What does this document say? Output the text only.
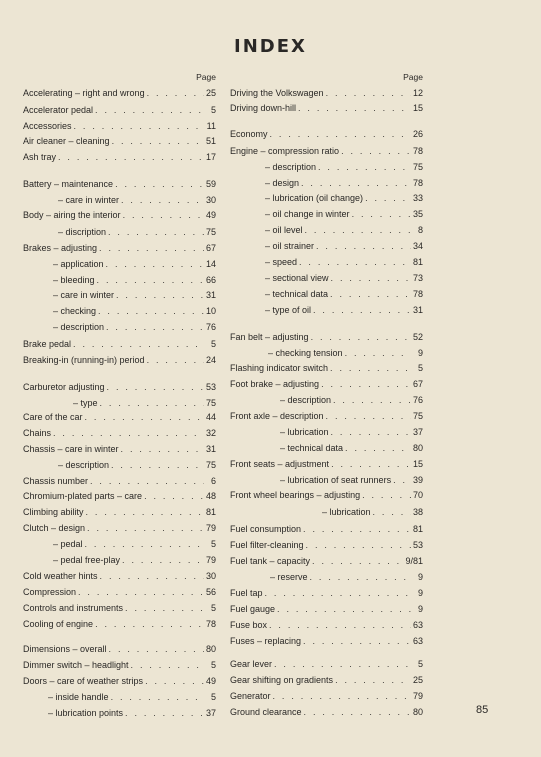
INDEX
Page
Accelerating – right and wrong . . .	25
Accelerator pedal . . .	5
Accessories . . .	11
Air cleaner – cleaning . . .	51
Ash tray . . .	17
Battery – maintenance . . .	59
– care in winter . . .	30
Body – airing the interior . . .	49
– discription . . .	75
Brakes – adjusting . . .	67
– application . . .	14
– bleeding . . .	66
– care in winter . . .	31
– checking . . .	10
– description . . .	76
Brake pedal . . .	5
Breaking-in (running-in) period . . .	24
Carburetor adjusting . . .	53
– type . . .	75
Care of the car . . .	44
Chains . . .	32
Chassis – care in winter . . .	31
– description . . .	75
Chassis number . . .	6
Chromium-plated parts – care . . .	48
Climbing ability . . .	81
Clutch – design . . .	79
– pedal . . .	5
– pedal free-play . . .	79
Cold weather hints . . .	30
Compression . . .	56
Controls and instruments . . .	5
Cooling of engine . . .	78
Dimensions – overall . . .	80
Dimmer switch – headlight . . .	5
Doors – care of weather strips . . .	49
– inside handle . . .	5
– lubrication points . . .	37
Page
Driving the Volkswagen . . .	12
Driving down-hill . . .	15
Economy . . .	26
Engine – compression ratio . . .	78
– description . . .	75
– design . . .	78
– lubrication (oil change) . . .	33
– oil change in winter . . .	35
– oil level . . .	8
– oil strainer . . .	34
– speed . . .	81
– sectional view . . .	73
– technical data . . .	78
– type of oil . . .	31
Fan belt – adjusting . . .	52
– checking tension . . .	9
Flashing indicator switch . . .	5
Foot brake – adjusting . . .	67
– description . . .	76
Front axle – description . . .	75
– lubrication . . .	37
– technical data . . .	80
Front seats – adjustment . . .	15
– lubrication of seat runners . . . 39
Front wheel bearings – adjusting . . .	70
– lubrication . . .	38
Fuel consumption . . .	81
Fuel filter-cleaning . . .	53
Fuel tank – capacity . . .	9/81
– reserve . . .	9
Fuel tap . . .	9
Fuel gauge . . .	9
Fuse box . . .	63
Fuses – replacing . . .	63
Gear lever . . .	5
Gear shifting on gradients . . .	25
Generator . . .	79
Ground clearance . . .	80	85
